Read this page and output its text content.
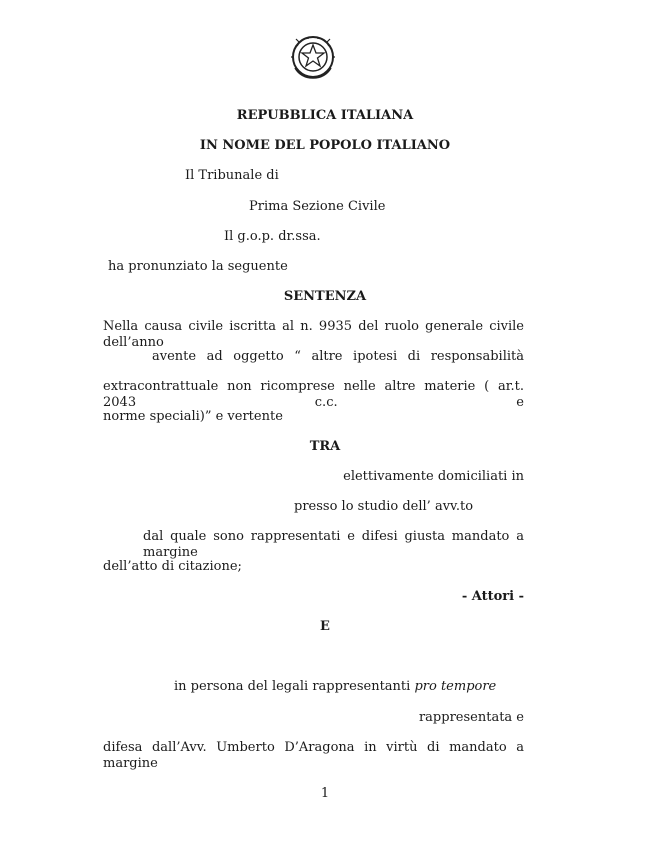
REPUBBLICA ITALIANA
IN NOME DEL POPOLO ITALIANO
Il Tribunale di
Prima Sezione Civile
Il g.o.p. dr.ssa.
ha pronunziato la seguente
SENTENZA
Nella causa civile iscritta al n. 9935 del ruolo generale civile dell’anno
avente ad oggetto “ altre ipotesi di responsabilità
extracontrattuale non ricomprese nelle altre materie ( ar.t. 2043 c.c. e
norme speciali)” e vertente
TRA
elettivamente domiciliati in
presso lo studio dell’ avv.to
dal quale sono rappresentati e difesi giusta mandato a margine
dell’atto di citazione;
- Attori -
E
in persona del legali rappresentanti pro tempore
rappresentata e
difesa dall’Avv. Umberto D’Aragona in virtù di mandato a margine
1
